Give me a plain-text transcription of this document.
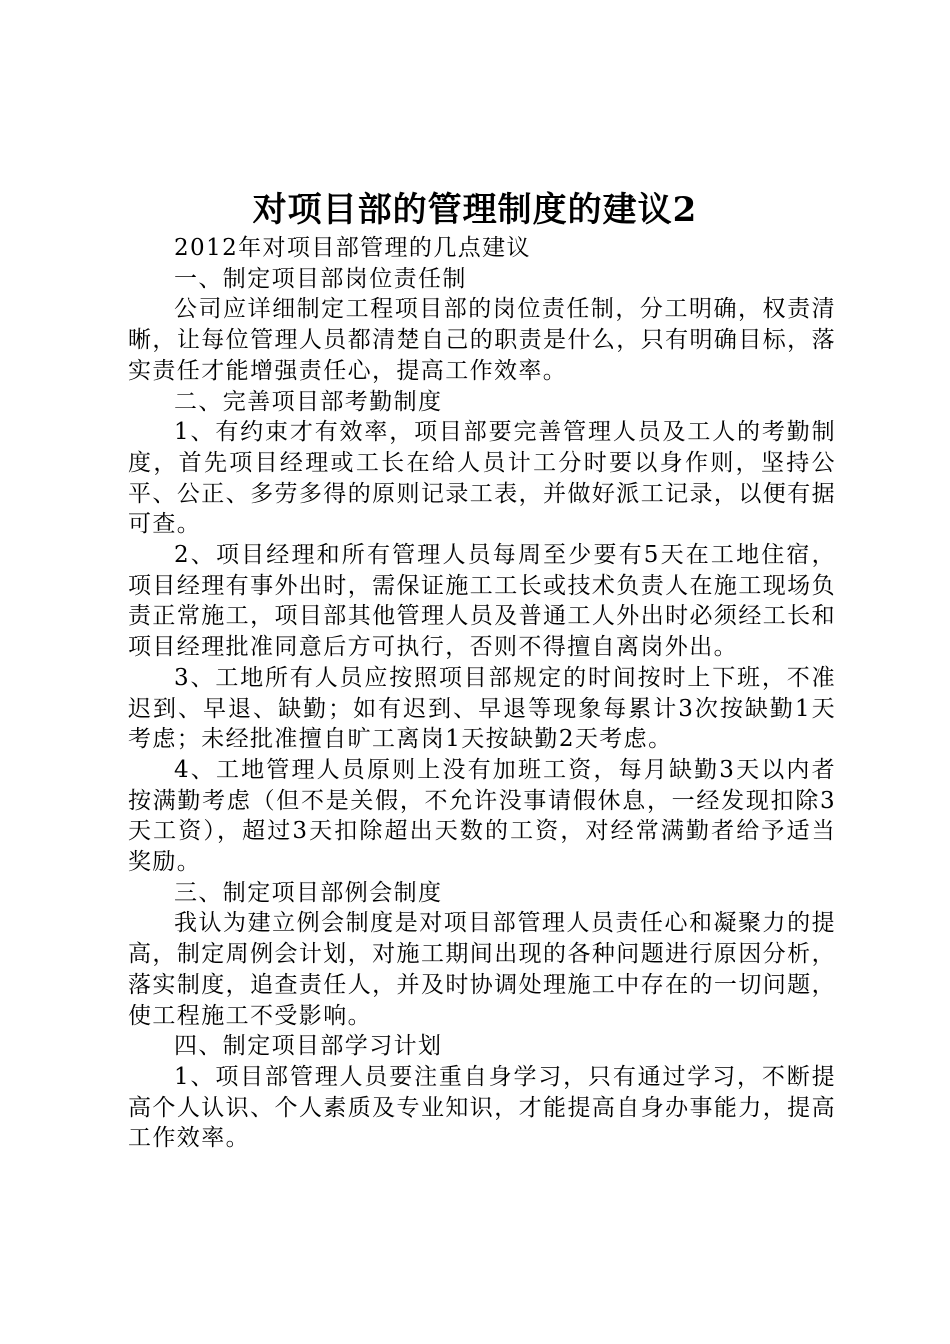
对项目部的管理制度的建议2

2012年对项目部管理的几点建议

一、制定项目部岗位责任制

公司应详细制定工程项目部的岗位责任制，分工明确，权责清晰，让每位管理人员都清楚自己的职责是什么，只有明确目标，落实责任才能增强责任心，提高工作效率。

二、完善项目部考勤制度

1、有约束才有效率，项目部要完善管理人员及工人的考勤制度，首先项目经理或工长在给人员计工分时要以身作则，坚持公平、公正、多劳多得的原则记录工表，并做好派工记录，以便有据可查。

2、项目经理和所有管理人员每周至少要有5天在工地住宿，项目经理有事外出时，需保证施工工长或技术负责人在施工现场负责正常施工，项目部其他管理人员及普通工人外出时必须经工长和项目经理批准同意后方可执行，否则不得擅自离岗外出。

3、工地所有人员应按照项目部规定的时间按时上下班，不准迟到、早退、缺勤；如有迟到、早退等现象每累计3次按缺勤1天考虑；未经批准擅自旷工离岗1天按缺勤2天考虑。

4、工地管理人员原则上没有加班工资，每月缺勤3天以内者按满勤考虑（但不是关假，不允许没事请假休息，一经发现扣除3天工资），超过3天扣除超出天数的工资，对经常满勤者给予适当奖励。

三、制定项目部例会制度

我认为建立例会制度是对项目部管理人员责任心和凝聚力的提高，制定周例会计划，对施工期间出现的各种问题进行原因分析，落实制度，追查责任人，并及时协调处理施工中存在的一切问题，使工程施工不受影响。

四、制定项目部学习计划

1、项目部管理人员要注重自身学习，只有通过学习，不断提高个人认识、个人素质及专业知识，才能提高自身办事能力，提高工作效率。
